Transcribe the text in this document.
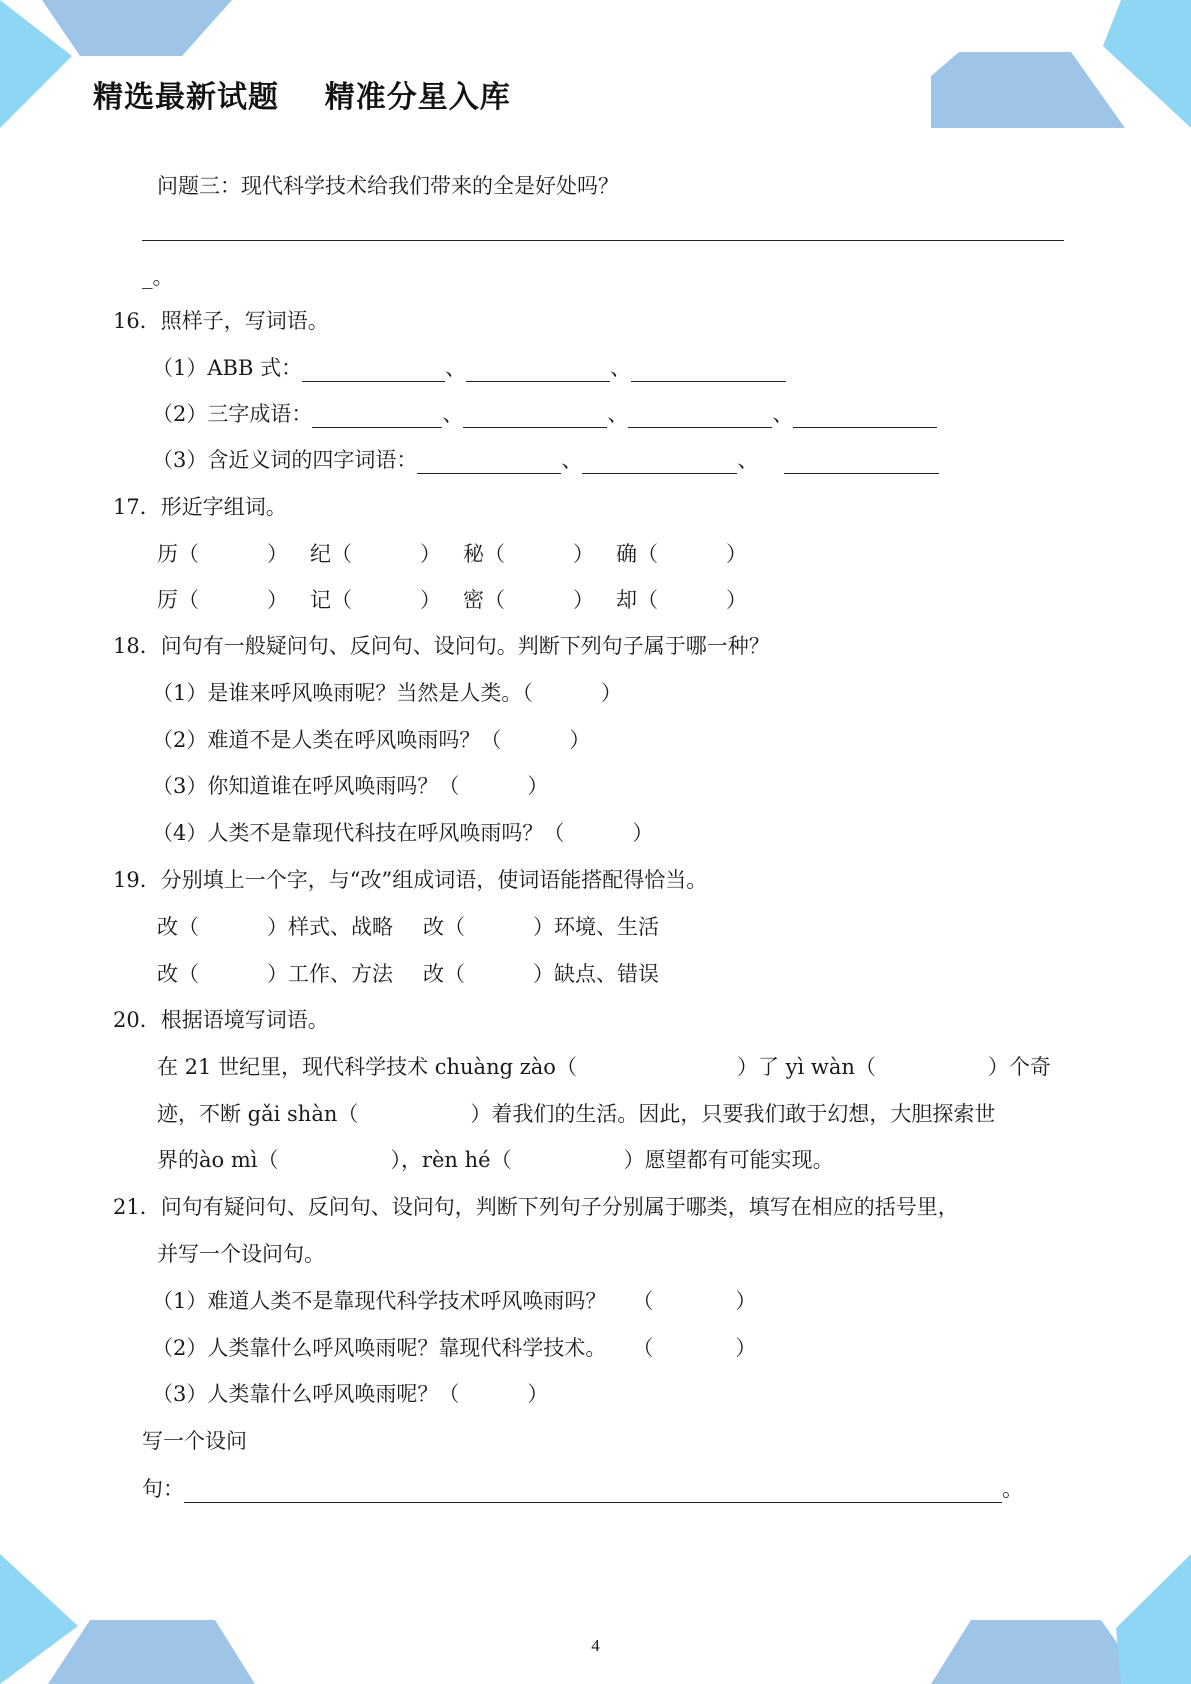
精选最新试题    精准分星入库
问题三：现代科学技术给我们带来的全是好处吗？
_。
16．照样子，写词语。
（1）ABB 式：	、	、
（2）三字成语：	、	、	、
（3）含近义词的四字词语：	、	、
17．形近字组词。
历（	） 纪（	） 秘（	） 确（	）
厉（	） 记（	） 密（	） 却（	）
18．问句有一般疑问句、反问句、设问句。判断下列句子属于哪一种？
（1）是谁来呼风唤雨呢？当然是人类。（	）
（2）难道不是人类在呼风唤雨吗？（	）
（3）你知道谁在呼风唤雨吗？（	）
（4）人类不是靠现代科技在呼风唤雨吗？（	）
19．分别填上一个字，与“改”组成词语，使词语能搭配得恰当。
改（	）样式、战略 改（	）环境、生活
改（	）工作、方法 改（	）缺点、错误
20．根据语境写词语。
在 21 世纪里，现代科学技术 chuàng zào（	）了 yì wàn（	）个奇
迹，不断 gǎi shàn（	）着我们的生活。因此，只要我们敢于幻想，大胆探索世
界的ào mì（	），rèn hé（	）愿望都有可能实现。
21．问句有疑问句、反问句、设问句，判断下列句子分别属于哪类，填写在相应的括号里，
并写一个设问句。
（1）难道人类不是靠现代科学技术呼风唤雨吗？ （	）
（2）人类靠什么呼风唤雨呢？靠现代科学技术。 （	）
（3）人类靠什么呼风唤雨呢？（	）
写一个设问
句：	。
4
